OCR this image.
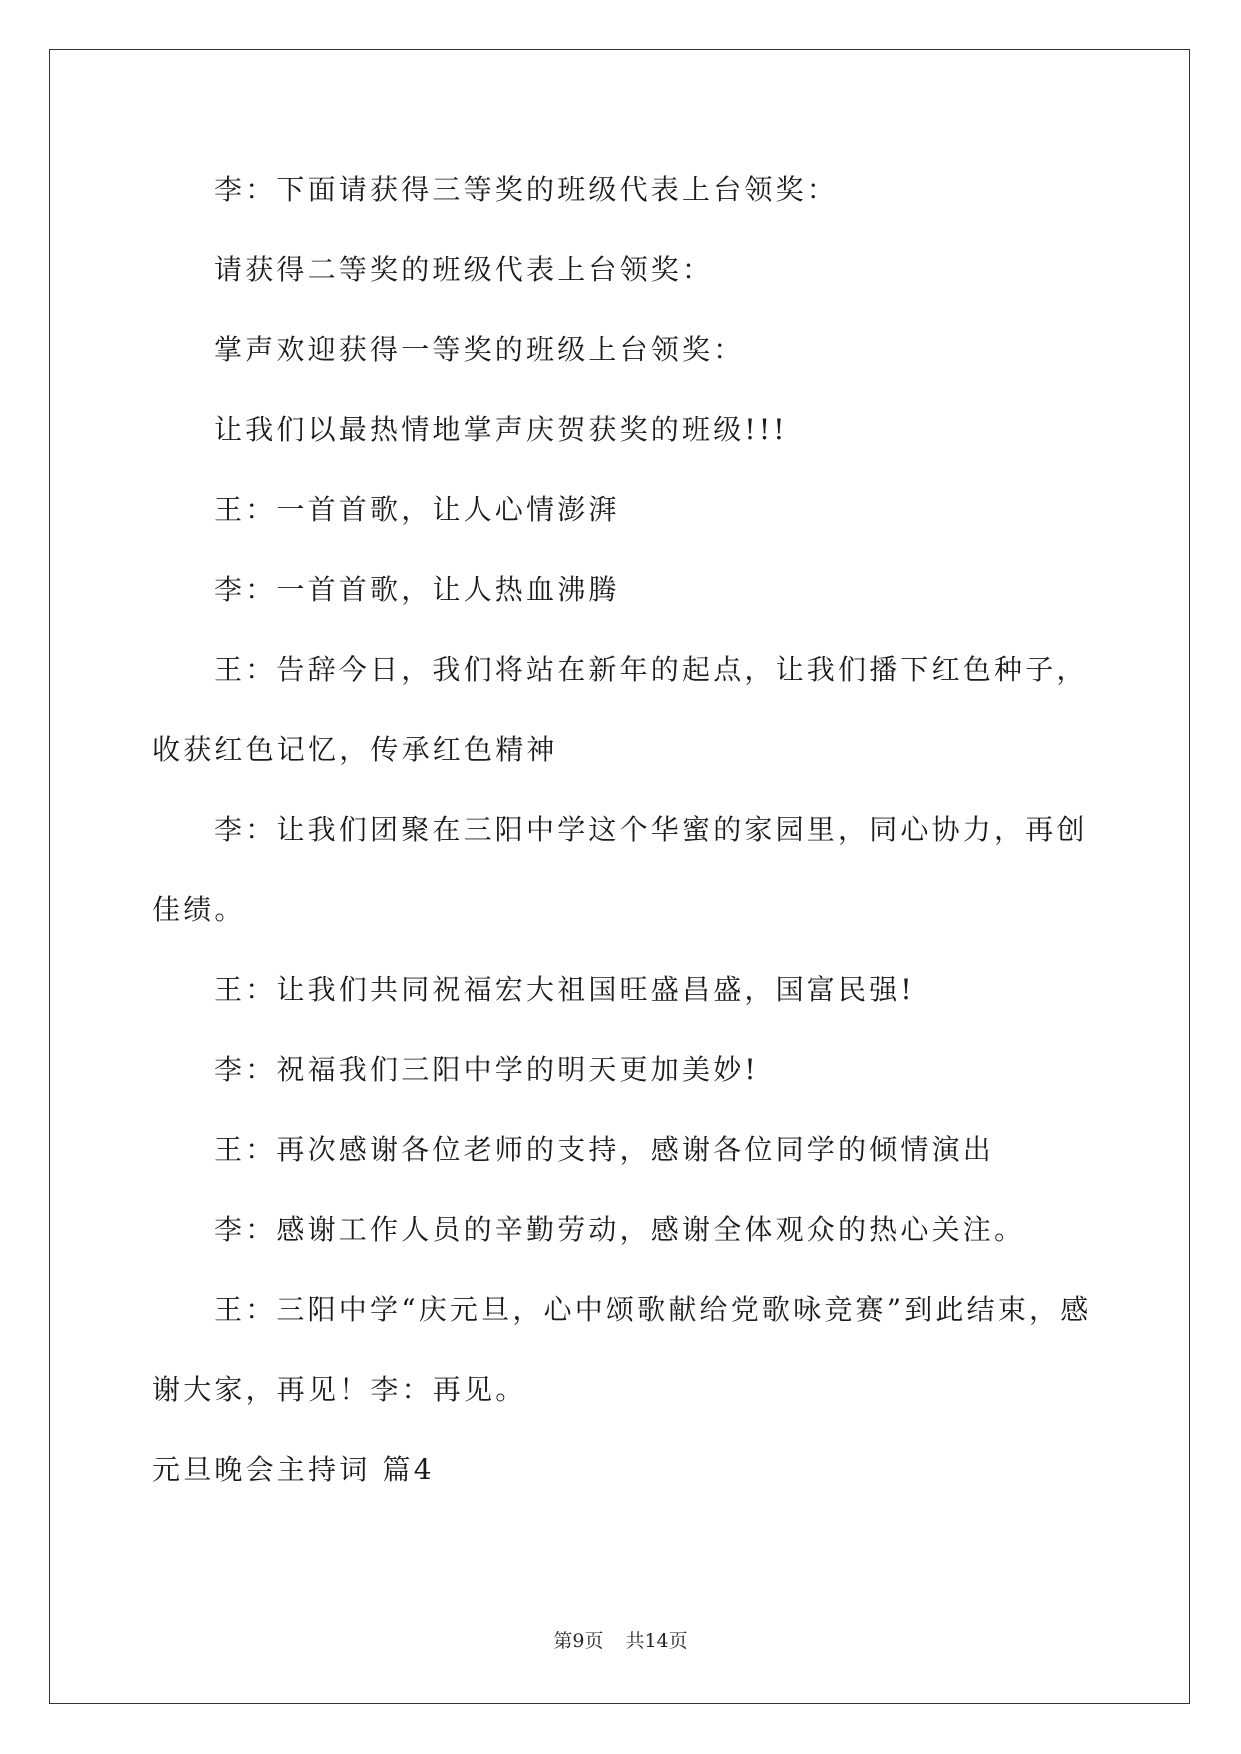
李：下面请获得三等奖的班级代表上台领奖：

请获得二等奖的班级代表上台领奖：

掌声欢迎获得一等奖的班级上台领奖：

让我们以最热情地掌声庆贺获奖的班级!!!

王：一首首歌，让人心情澎湃

李：一首首歌，让人热血沸腾

王：告辞今日，我们将站在新年的起点，让我们播下红色种子，收获红色记忆，传承红色精神

李：让我们团聚在三阳中学这个华蜜的家园里，同心协力，再创佳绩。

王：让我们共同祝福宏大祖国旺盛昌盛，国富民强!

李：祝福我们三阳中学的明天更加美妙!

王：再次感谢各位老师的支持，感谢各位同学的倾情演出

李：感谢工作人员的辛勤劳动，感谢全体观众的热心关注。

王：三阳中学“庆元旦，心中颂歌献给党歌咏竞赛”到此结束，感谢大家，再见！李：再见。

元旦晚会主持词 篇4

第9页 共14页
